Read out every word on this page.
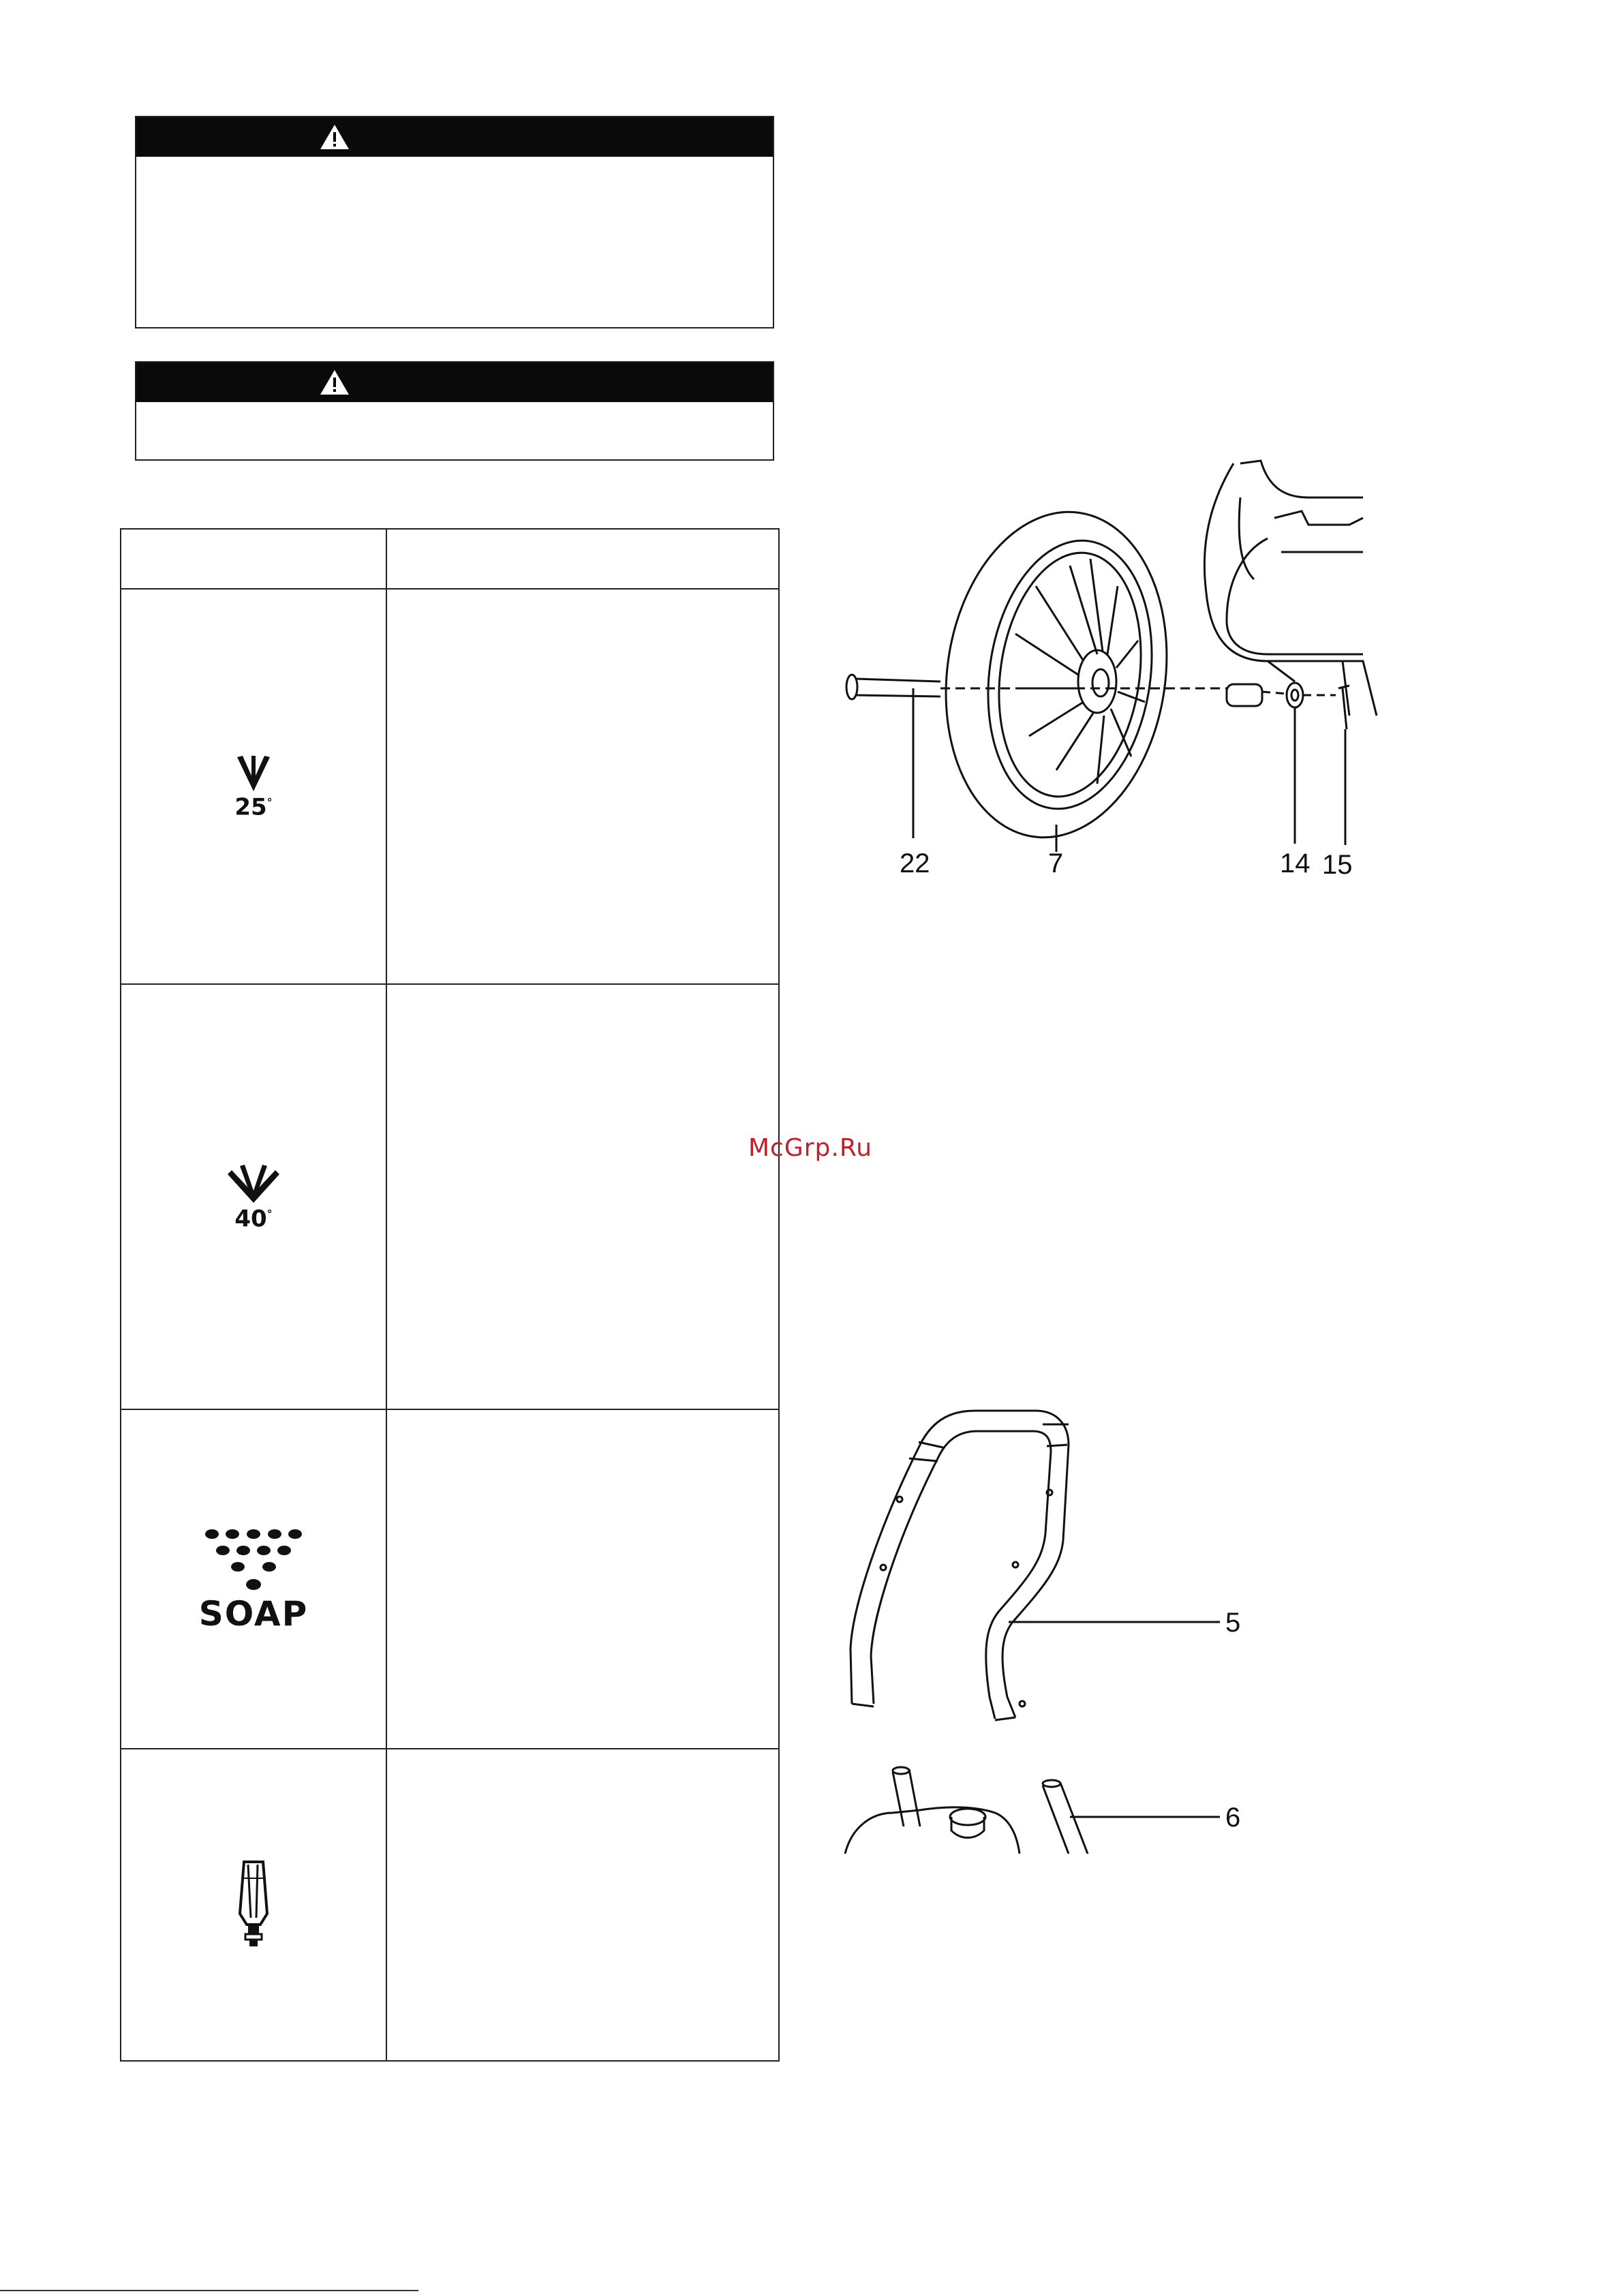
25°

40°

SOAP	

22	7	14 15
5
6
McGrp.Ru
